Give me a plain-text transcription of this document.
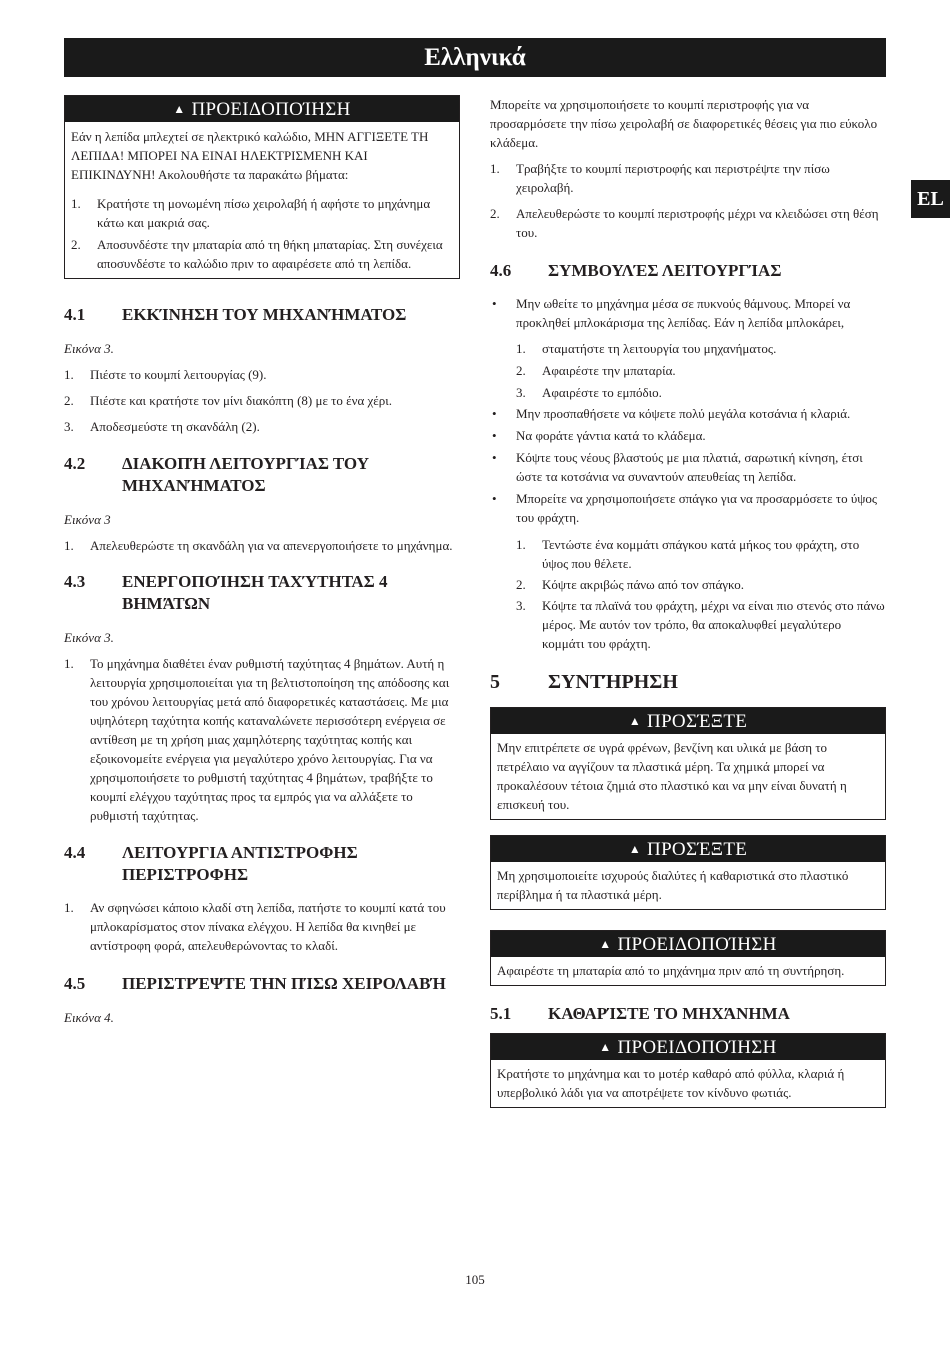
Ελληνικά
EL
▲ ΠΡΟΕΙΔΟΠΟΊΗΣΗ

Εάν η λεπίδα μπλεχτεί σε ηλεκτρικό καλώδιο, ΜΗΝ ΑΓΓΙΞΕΤΕ ΤΗ ΛΕΠΙΔΑ! ΜΠΟΡΕΙ ΝΑ ΕΙΝΑΙ ΗΛΕΚΤΡΙΣΜΕΝΗ ΚΑΙ ΕΠΙΚΙΝΔΥΝΗ! Ακολουθήστε τα παρακάτω βήματα:

1. Κρατήστε τη μονωμένη πίσω χειρολαβή ή αφήστε το μηχάνημα κάτω και μακριά σας.
2. Αποσυνδέστε την μπαταρία από τη θήκη μπαταρίας. Στη συνέχεια αποσυνδέστε το καλώδιο πριν το αφαιρέσετε από τη λεπίδα.
4.1 ΕΚΚΊΝΗΣΗ ΤΟΥ ΜΗΧΑΝΉΜΑΤΟΣ

Εικόνα 3.

1. Πιέστε το κουμπί λειτουργίας (9).
2. Πιέστε και κρατήστε τον μίνι διακόπτη (8) με το ένα χέρι.
3. Αποδεσμεύστε τη σκανδάλη (2).
4.2 ΔΙΑΚΟΠΉ ΛΕΙΤΟΥΡΓΊΑΣ ΤΟΥ ΜΗΧΑΝΉΜΑΤΟΣ

Εικόνα 3

1. Απελευθερώστε τη σκανδάλη για να απενεργοποιήσετε το μηχάνημα.
4.3 ΕΝΕΡΓΟΠΟΊΗΣΗ ΤΑΧΎΤΗΤΑΣ 4 ΒΗΜΆΤΩΝ

Εικόνα 3.

1. Το μηχάνημα διαθέτει έναν ρυθμιστή ταχύτητας 4 βημάτων. Αυτή η λειτουργία χρησιμοποιείται για τη βελτιστοποίηση της απόδοσης και του χρόνου λειτουργίας μετά από διαφορετικές καταστάσεις. Με μια υψηλότερη ταχύτητα κοπής καταναλώνετε περισσότερη ενέργεια σε αντίθεση με τη χρήση μιας χαμηλότερης ταχύτητας κοπής και εξοικονομείτε ενέργεια για μεγαλύτερο χρόνο λειτουργίας. Για να χρησιμοποιήσετε το ρυθμιστή ταχύτητας 4 βημάτων, τραβήξτε το κουμπί ελέγχου ταχύτητας προς τα εμπρός για να αλλάξετε το ρυθμιστή ταχύτητας.
4.4 ΛΕΙΤΟΥΡΓΙΑ ΑΝΤΙΣΤΡΟΦΗΣ ΠΕΡΙΣΤΡΟΦΗΣ
1. Αν σφηνώσει κάποιο κλαδί στη λεπίδα, πατήστε το κουμπί κατά του μπλοκαρίσματος στον πίνακα ελέγχου. Η λεπίδα θα κινηθεί με αντίστροφη φορά, απελευθερώνοντας το κλαδί.
4.5 ΠΕΡΙΣΤΡΈΨΤΕ ΤΗΝ ΠΊΣΩ ΧΕΙΡΟΛΑΒΉ

Εικόνα 4.

Μπορείτε να χρησιμοποιήσετε το κουμπί περιστροφής για να προσαρμόσετε την πίσω χειρολαβή σε διαφορετικές θέσεις για πιο εύκολο κλάδεμα.

1. Τραβήξτε το κουμπί περιστροφής και περιστρέψτε την πίσω χειρολαβή.
2. Απελευθερώστε το κουμπί περιστροφής μέχρι να κλειδώσει στη θέση του.
4.6 ΣΥΜΒΟΥΛΈΣ ΛΕΙΤΟΥΡΓΊΑΣ
• Μην ωθείτε το μηχάνημα μέσα σε πυκνούς θάμνους. Μπορεί να προκληθεί μπλοκάρισμα της λεπίδας. Εάν η λεπίδα μπλοκάρει,
1. σταματήστε τη λειτουργία του μηχανήματος.
2. Αφαιρέστε την μπαταρία.
3. Αφαιρέστε το εμπόδιο.
• Μην προσπαθήσετε να κόψετε πολύ μεγάλα κοτσάνια ή κλαριά.
• Να φοράτε γάντια κατά το κλάδεμα.
• Κόψτε τους νέους βλαστούς με μια πλατιά, σαρωτική κίνηση, έτσι ώστε τα κοτσάνια να συναντούν απευθείας τη λεπίδα.
• Μπορείτε να χρησιμοποιήσετε σπάγκο για να προσαρμόσετε το ύψος του φράχτη.
1. Τεντώστε ένα κομμάτι σπάγκου κατά μήκος του φράχτη, στο ύψος που θέλετε.
2. Κόψτε ακριβώς πάνω από τον σπάγκο.
3. Κόψτε τα πλαϊνά του φράχτη, μέχρι να είναι πιο στενός στο πάνω μέρος. Με αυτόν τον τρόπο, θα αποκαλυφθεί μεγαλύτερο κομμάτι του φράχτη.
5 ΣΥΝΤΉΡΗΣΗ
▲ ΠΡΟΣΈΞΤΕ

Μην επιτρέπετε σε υγρά φρένων, βενζίνη και υλικά με βάση το πετρέλαιο να αγγίζουν τα πλαστικά μέρη. Τα χημικά μπορεί να προκαλέσουν τέτοια ζημιά στο πλαστικό και να μην είναι δυνατή η επισκευή του.

▲ ΠΡΟΣΈΞΤΕ

Μη χρησιμοποιείτε ισχυρούς διαλύτες ή καθαριστικά στο πλαστικό περίβλημα ή τα πλαστικά μέρη.

▲ ΠΡΟΕΙΔΟΠΟΊΗΣΗ

Αφαιρέστε τη μπαταρία από το μηχάνημα πριν από τη συντήρηση.

5.1 ΚΑΘΑΡΊΣΤΕ ΤΟ ΜΗΧΆΝΗΜΑ
▲ ΠΡΟΕΙΔΟΠΟΊΗΣΗ

Κρατήστε το μηχάνημα και το μοτέρ καθαρό από φύλλα, κλαριά ή υπερβολικό λάδι για να αποτρέψετε τον κίνδυνο φωτιάς.

105
